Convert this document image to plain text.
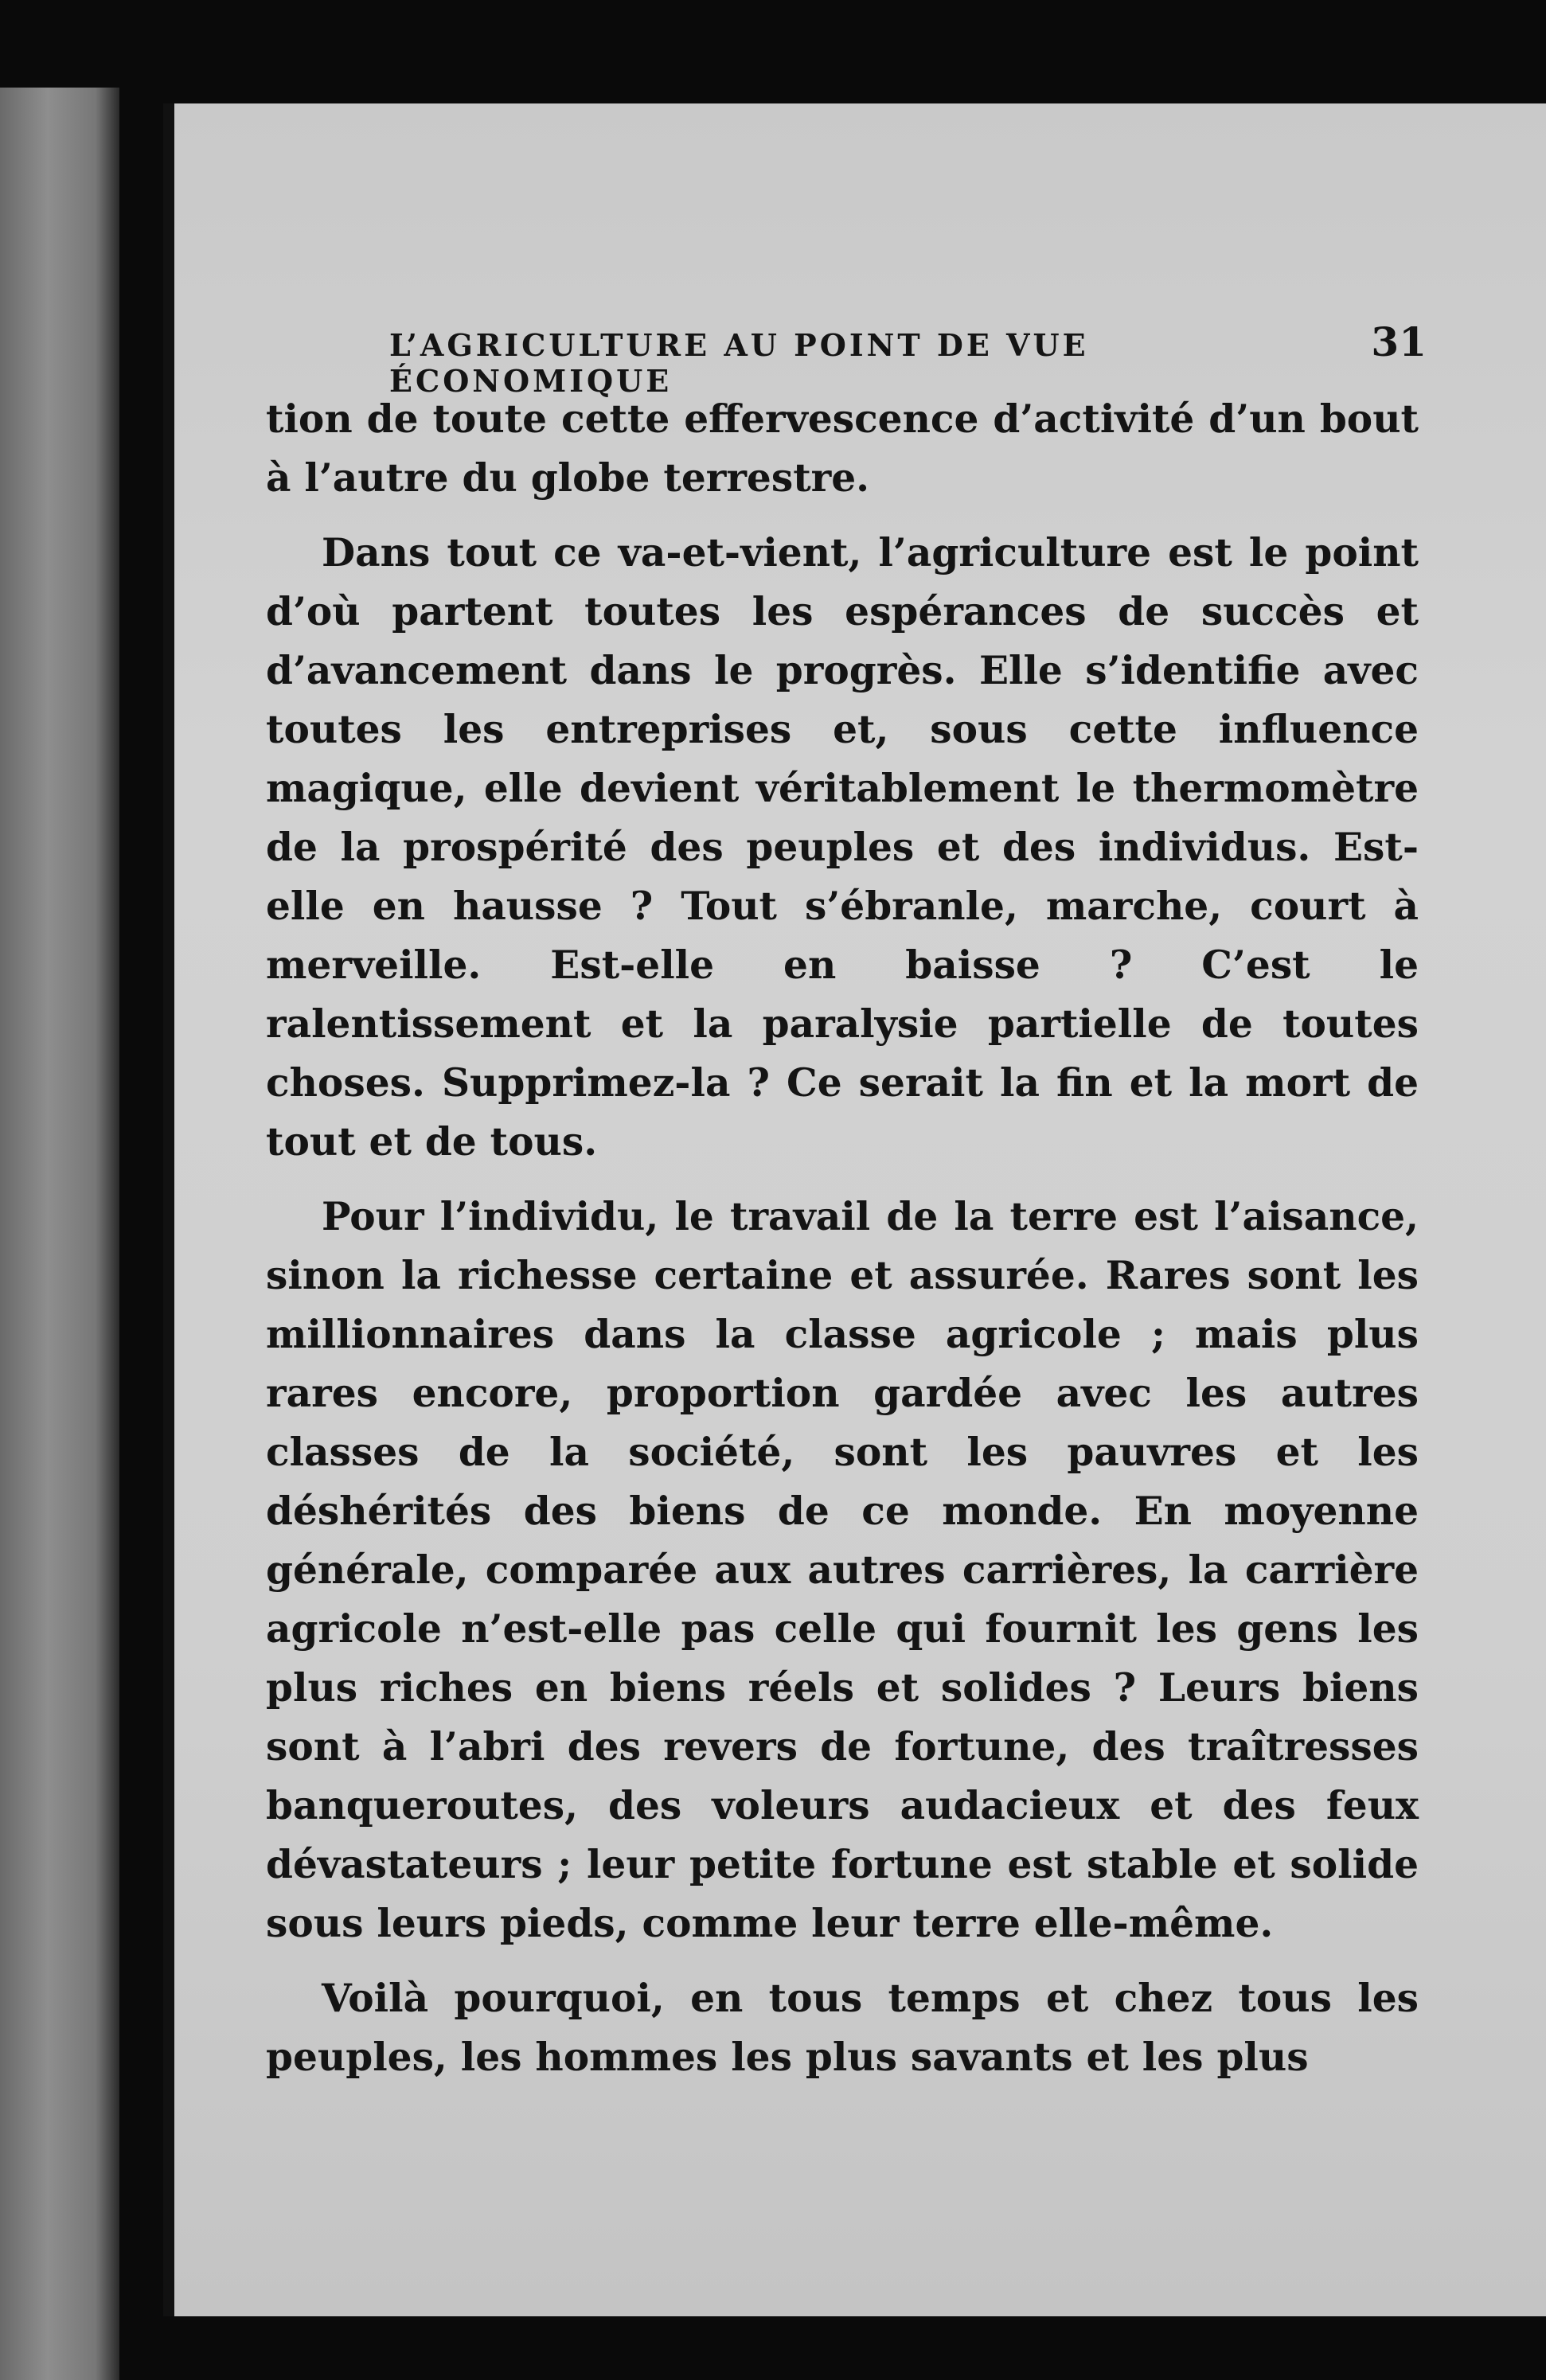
L’AGRICULTURE AU POINT DE VUE ÉCONOMIQUE
31

tion de toute cette effervescence d’activité d’un bout à l’autre du globe terrestre.

Dans tout ce va-et-vient, l’agriculture est le point d’où partent toutes les espérances de succès et d’avancement dans le progrès. Elle s’identifie avec toutes les entreprises et, sous cette influence magique, elle devient véritablement le thermomètre de la prospérité des peuples et des individus. Est-elle en hausse ? Tout s’ébranle, marche, court à merveille. Est-elle en baisse ? C’est le ralentissement et la paralysie partielle de toutes choses. Supprimez-la ? Ce serait la fin et la mort de tout et de tous.

Pour l’individu, le travail de la terre est l’aisance, sinon la richesse certaine et assurée. Rares sont les millionnaires dans la classe agricole ; mais plus rares encore, proportion gardée avec les autres classes de la société, sont les pauvres et les déshérités des biens de ce monde. En moyenne générale, comparée aux autres carrières, la carrière agricole n’est-elle pas celle qui fournit les gens les plus riches en biens réels et solides ? Leurs biens sont à l’abri des revers de fortune, des traîtresses banqueroutes, des voleurs audacieux et des feux dévastateurs ; leur petite fortune est stable et solide sous leurs pieds, comme leur terre elle-même.

Voilà pourquoi, en tous temps et chez tous les peuples, les hommes les plus savants et les plus
